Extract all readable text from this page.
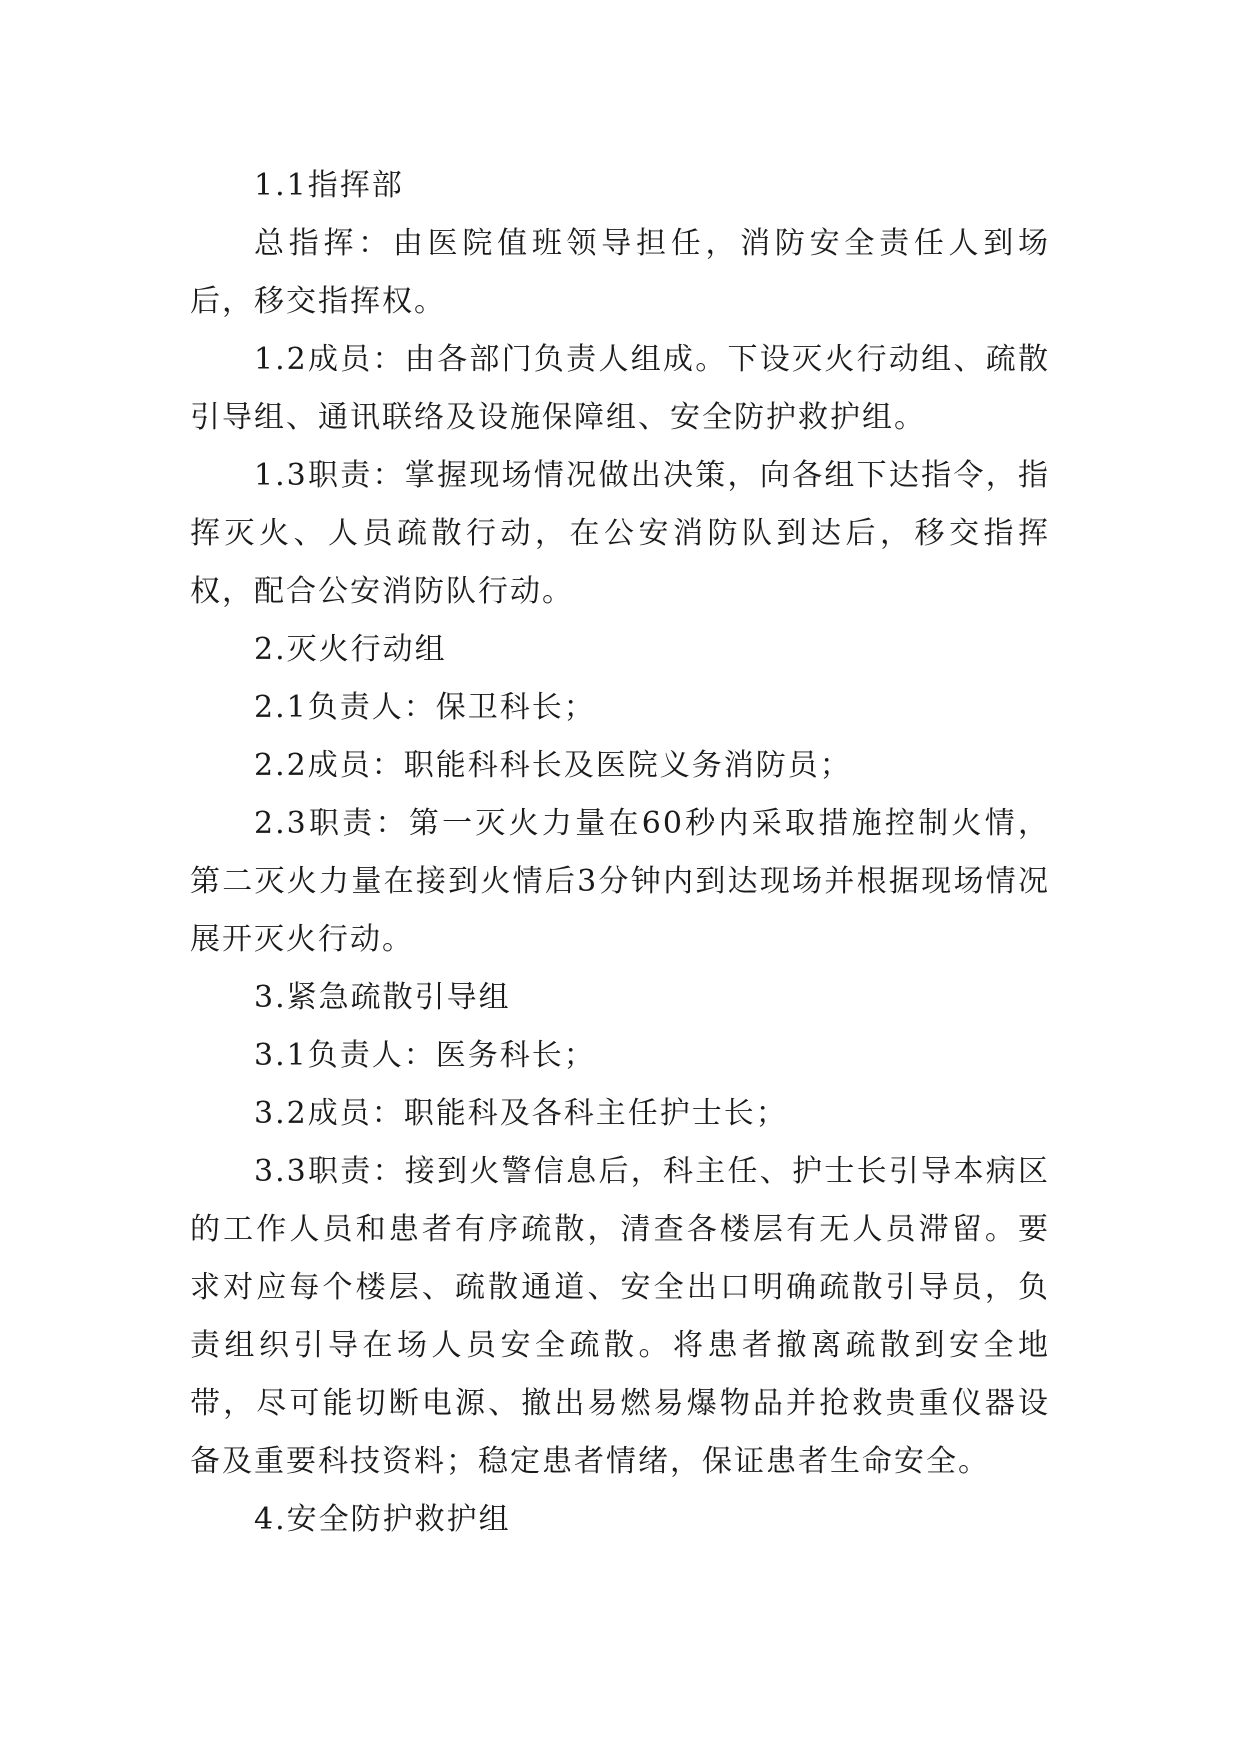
1.1指挥部

总指挥：由医院值班领导担任，消防安全责任人到场后，移交指挥权。

1.2成员：由各部门负责人组成。下设灭火行动组、疏散引导组、通讯联络及设施保障组、安全防护救护组。

1.3职责：掌握现场情况做出决策，向各组下达指令，指挥灭火、人员疏散行动，在公安消防队到达后，移交指挥权，配合公安消防队行动。

2.灭火行动组

2.1负责人：保卫科长；

2.2成员：职能科科长及医院义务消防员；

2.3职责：第一灭火力量在60秒内采取措施控制火情，第二灭火力量在接到火情后3分钟内到达现场并根据现场情况展开灭火行动。

3.紧急疏散引导组

3.1负责人：医务科长；

3.2成员：职能科及各科主任护士长；

3.3职责：接到火警信息后，科主任、护士长引导本病区的工作人员和患者有序疏散，清查各楼层有无人员滞留。要求对应每个楼层、疏散通道、安全出口明确疏散引导员，负责组织引导在场人员安全疏散。将患者撤离疏散到安全地带，尽可能切断电源、撤出易燃易爆物品并抢救贵重仪器设备及重要科技资料；稳定患者情绪，保证患者生命安全。

4.安全防护救护组
